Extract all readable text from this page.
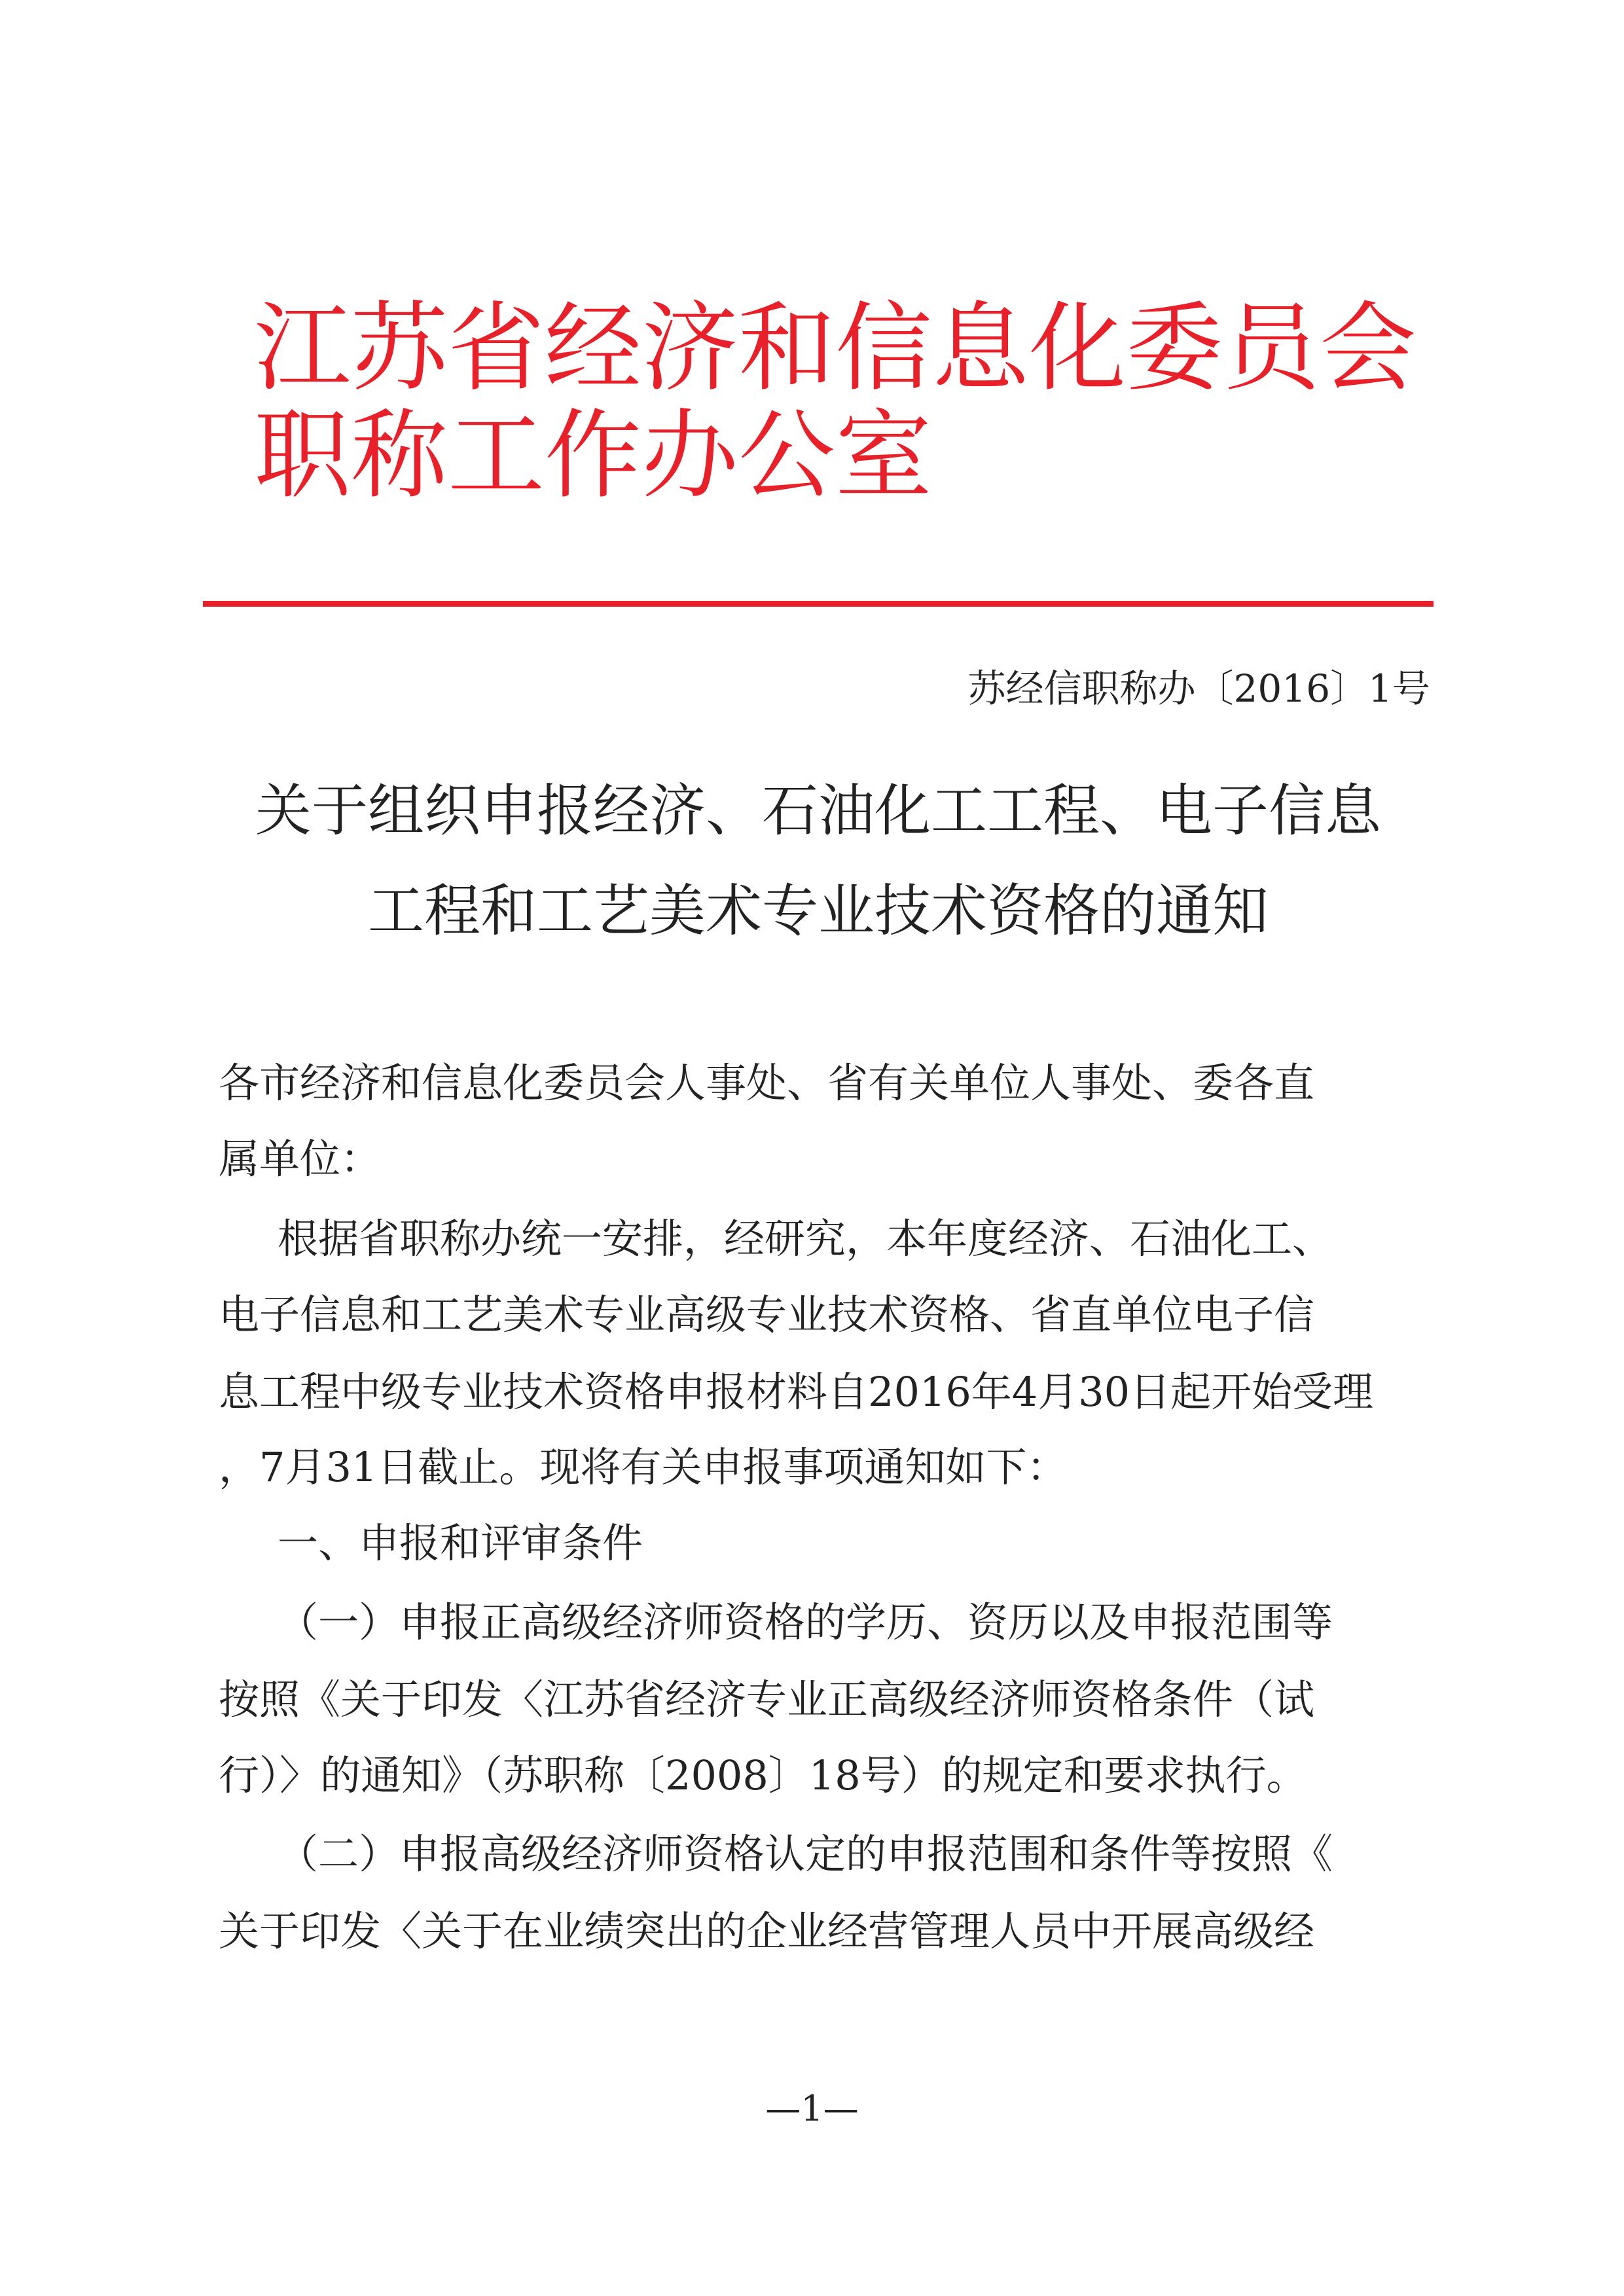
江苏省经济和信息化委员会
职称工作办公室
苏经信职称办〔2016〕1号
关于组织申报经济、石油化工工程、电子信息
工程和工艺美术专业技术资格的通知
各市经济和信息化委员会人事处、省有关单位人事处、委各直
属单位：
根据省职称办统一安排，经研究，本年度经济、石油化工、
电子信息和工艺美术专业高级专业技术资格、省直单位电子信
息工程中级专业技术资格申报材料自2016年4月30日起开始受理
，7月31日截止。现将有关申报事项通知如下：
一、申报和评审条件
（一）申报正高级经济师资格的学历、资历以及申报范围等
按照《关于印发〈江苏省经济专业正高级经济师资格条件（试
行）〉的通知》（苏职称〔2008〕18号）的规定和要求执行。
（二）申报高级经济师资格认定的申报范围和条件等按照《
关于印发〈关于在业绩突出的企业经营管理人员中开展高级经
—1—
